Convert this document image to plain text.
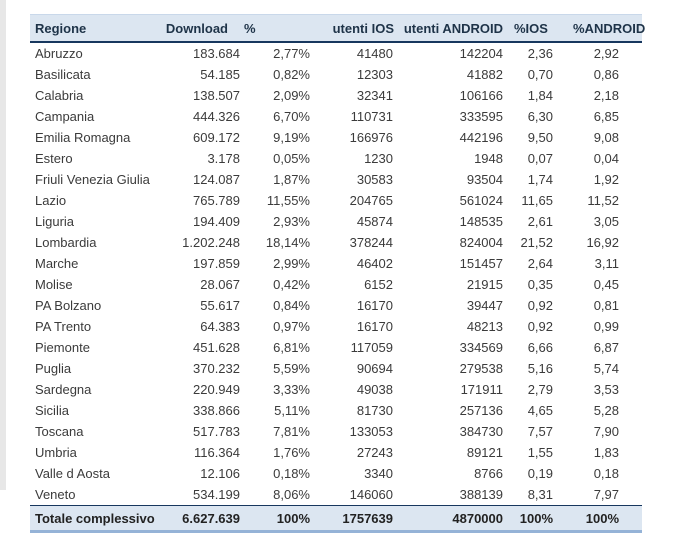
Regione	Download	%	utenti IOS	utenti ANDROID	%IOS	%ANDROID
Abruzzo	183.684	2,77%	41480	142204	2,36	2,92
Basilicata	54.185	0,82%	12303	41882	0,70	0,86
Calabria	138.507	2,09%	32341	106166	1,84	2,18
Campania	444.326	6,70%	110731	333595	6,30	6,85
Emilia Romagna	609.172	9,19%	166976	442196	9,50	9,08
Estero	3.178	0,05%	1230	1948	0,07	0,04
Friuli Venezia Giulia	124.087	1,87%	30583	93504	1,74	1,92
Lazio	765.789	11,55%	204765	561024	11,65	11,52
Liguria	194.409	2,93%	45874	148535	2,61	3,05
Lombardia	1.202.248	18,14%	378244	824004	21,52	16,92
Marche	197.859	2,99%	46402	151457	2,64	3,11
Molise	28.067	0,42%	6152	21915	0,35	0,45
PA Bolzano	55.617	0,84%	16170	39447	0,92	0,81
PA Trento	64.383	0,97%	16170	48213	0,92	0,99
Piemonte	451.628	6,81%	117059	334569	6,66	6,87
Puglia	370.232	5,59%	90694	279538	5,16	5,74
Sardegna	220.949	3,33%	49038	171911	2,79	3,53
Sicilia	338.866	5,11%	81730	257136	4,65	5,28
Toscana	517.783	7,81%	133053	384730	7,57	7,90
Umbria	116.364	1,76%	27243	89121	1,55	1,83
Valle d Aosta	12.106	0,18%	3340	8766	0,19	0,18
Veneto	534.199	8,06%	146060	388139	8,31	7,97
Totale complessivo	6.627.639	100%	1757639	4870000	100%	100%
